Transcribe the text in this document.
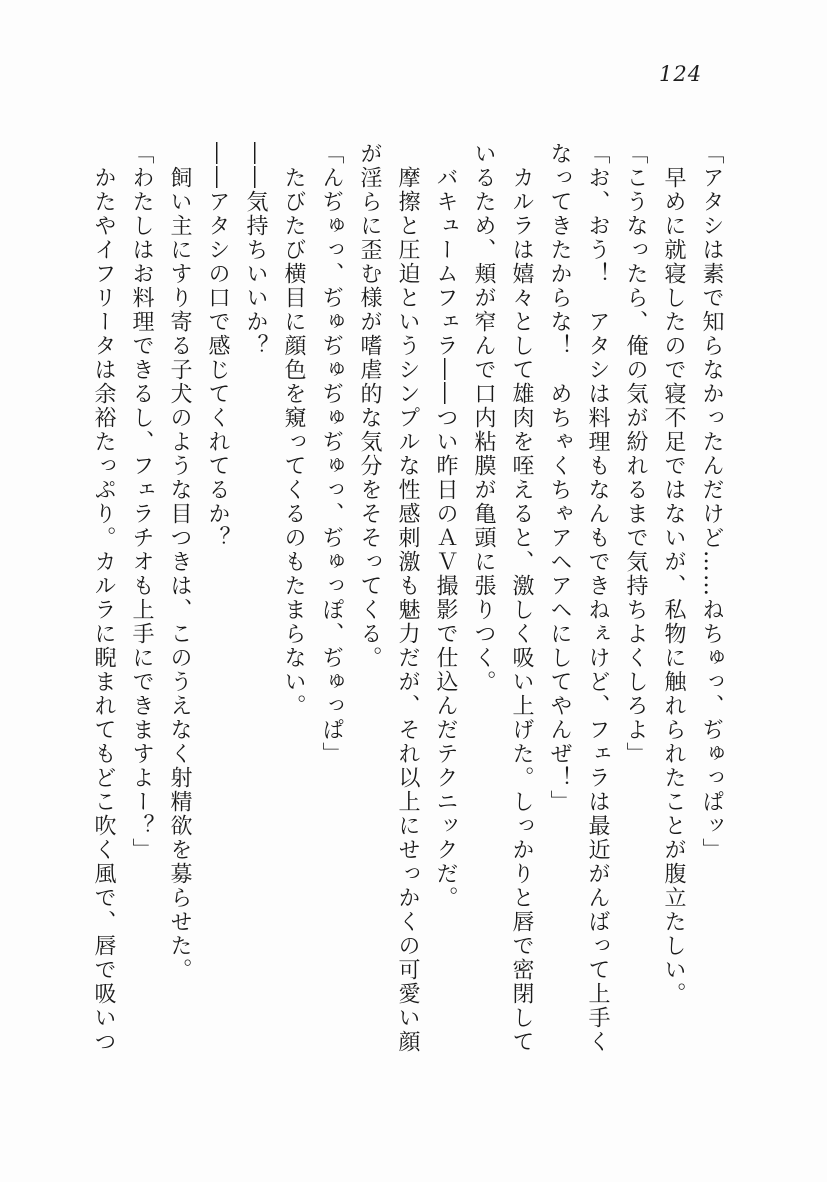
124

「アタシは素で知らなかったんだけど……ねちゅっ、ぢゅっぱッ」

　早めに就寝したので寝不足ではないが、私物に触れられたことが腹立たしい。

「こうなったら、俺の気が紛れるまで気持ちよくしろよ」

「お、おう！　アタシは料理もなんもできねぇけど、フェラは最近がんばって上手く

なってきたからな！　めちゃくちゃアヘアヘにしてやんぜ！」

　カルラは嬉々として雄肉を咥えると、激しく吸い上げた。しっかりと唇で密閉して

いるため、頬が窄んで口内粘膜が亀頭に張りつく。

　バキュームフェラ――つい昨日のＡＶ撮影で仕込んだテクニックだ。

　摩擦と圧迫というシンプルな性感刺激も魅力だが、それ以上にせっかくの可愛い顔

が淫らに歪む様が嗜虐的な気分をそそってくる。

「んぢゅっ、ぢゅぢゅぢゅぢゅっ、ぢゅっぽ、ぢゅっぱ」

　たびたび横目に顔色を窺ってくるのもたまらない。

――気持ちいいか？

――アタシの口で感じてくれてるか？

　飼い主にすり寄る子犬のような目つきは、このうえなく射精欲を募らせた。

「わたしはお料理できるし、フェラチオも上手にできますよー？」

　かたやイフリータは余裕たっぷり。カルラに睨まれてもどこ吹く風で、唇で吸いつ
